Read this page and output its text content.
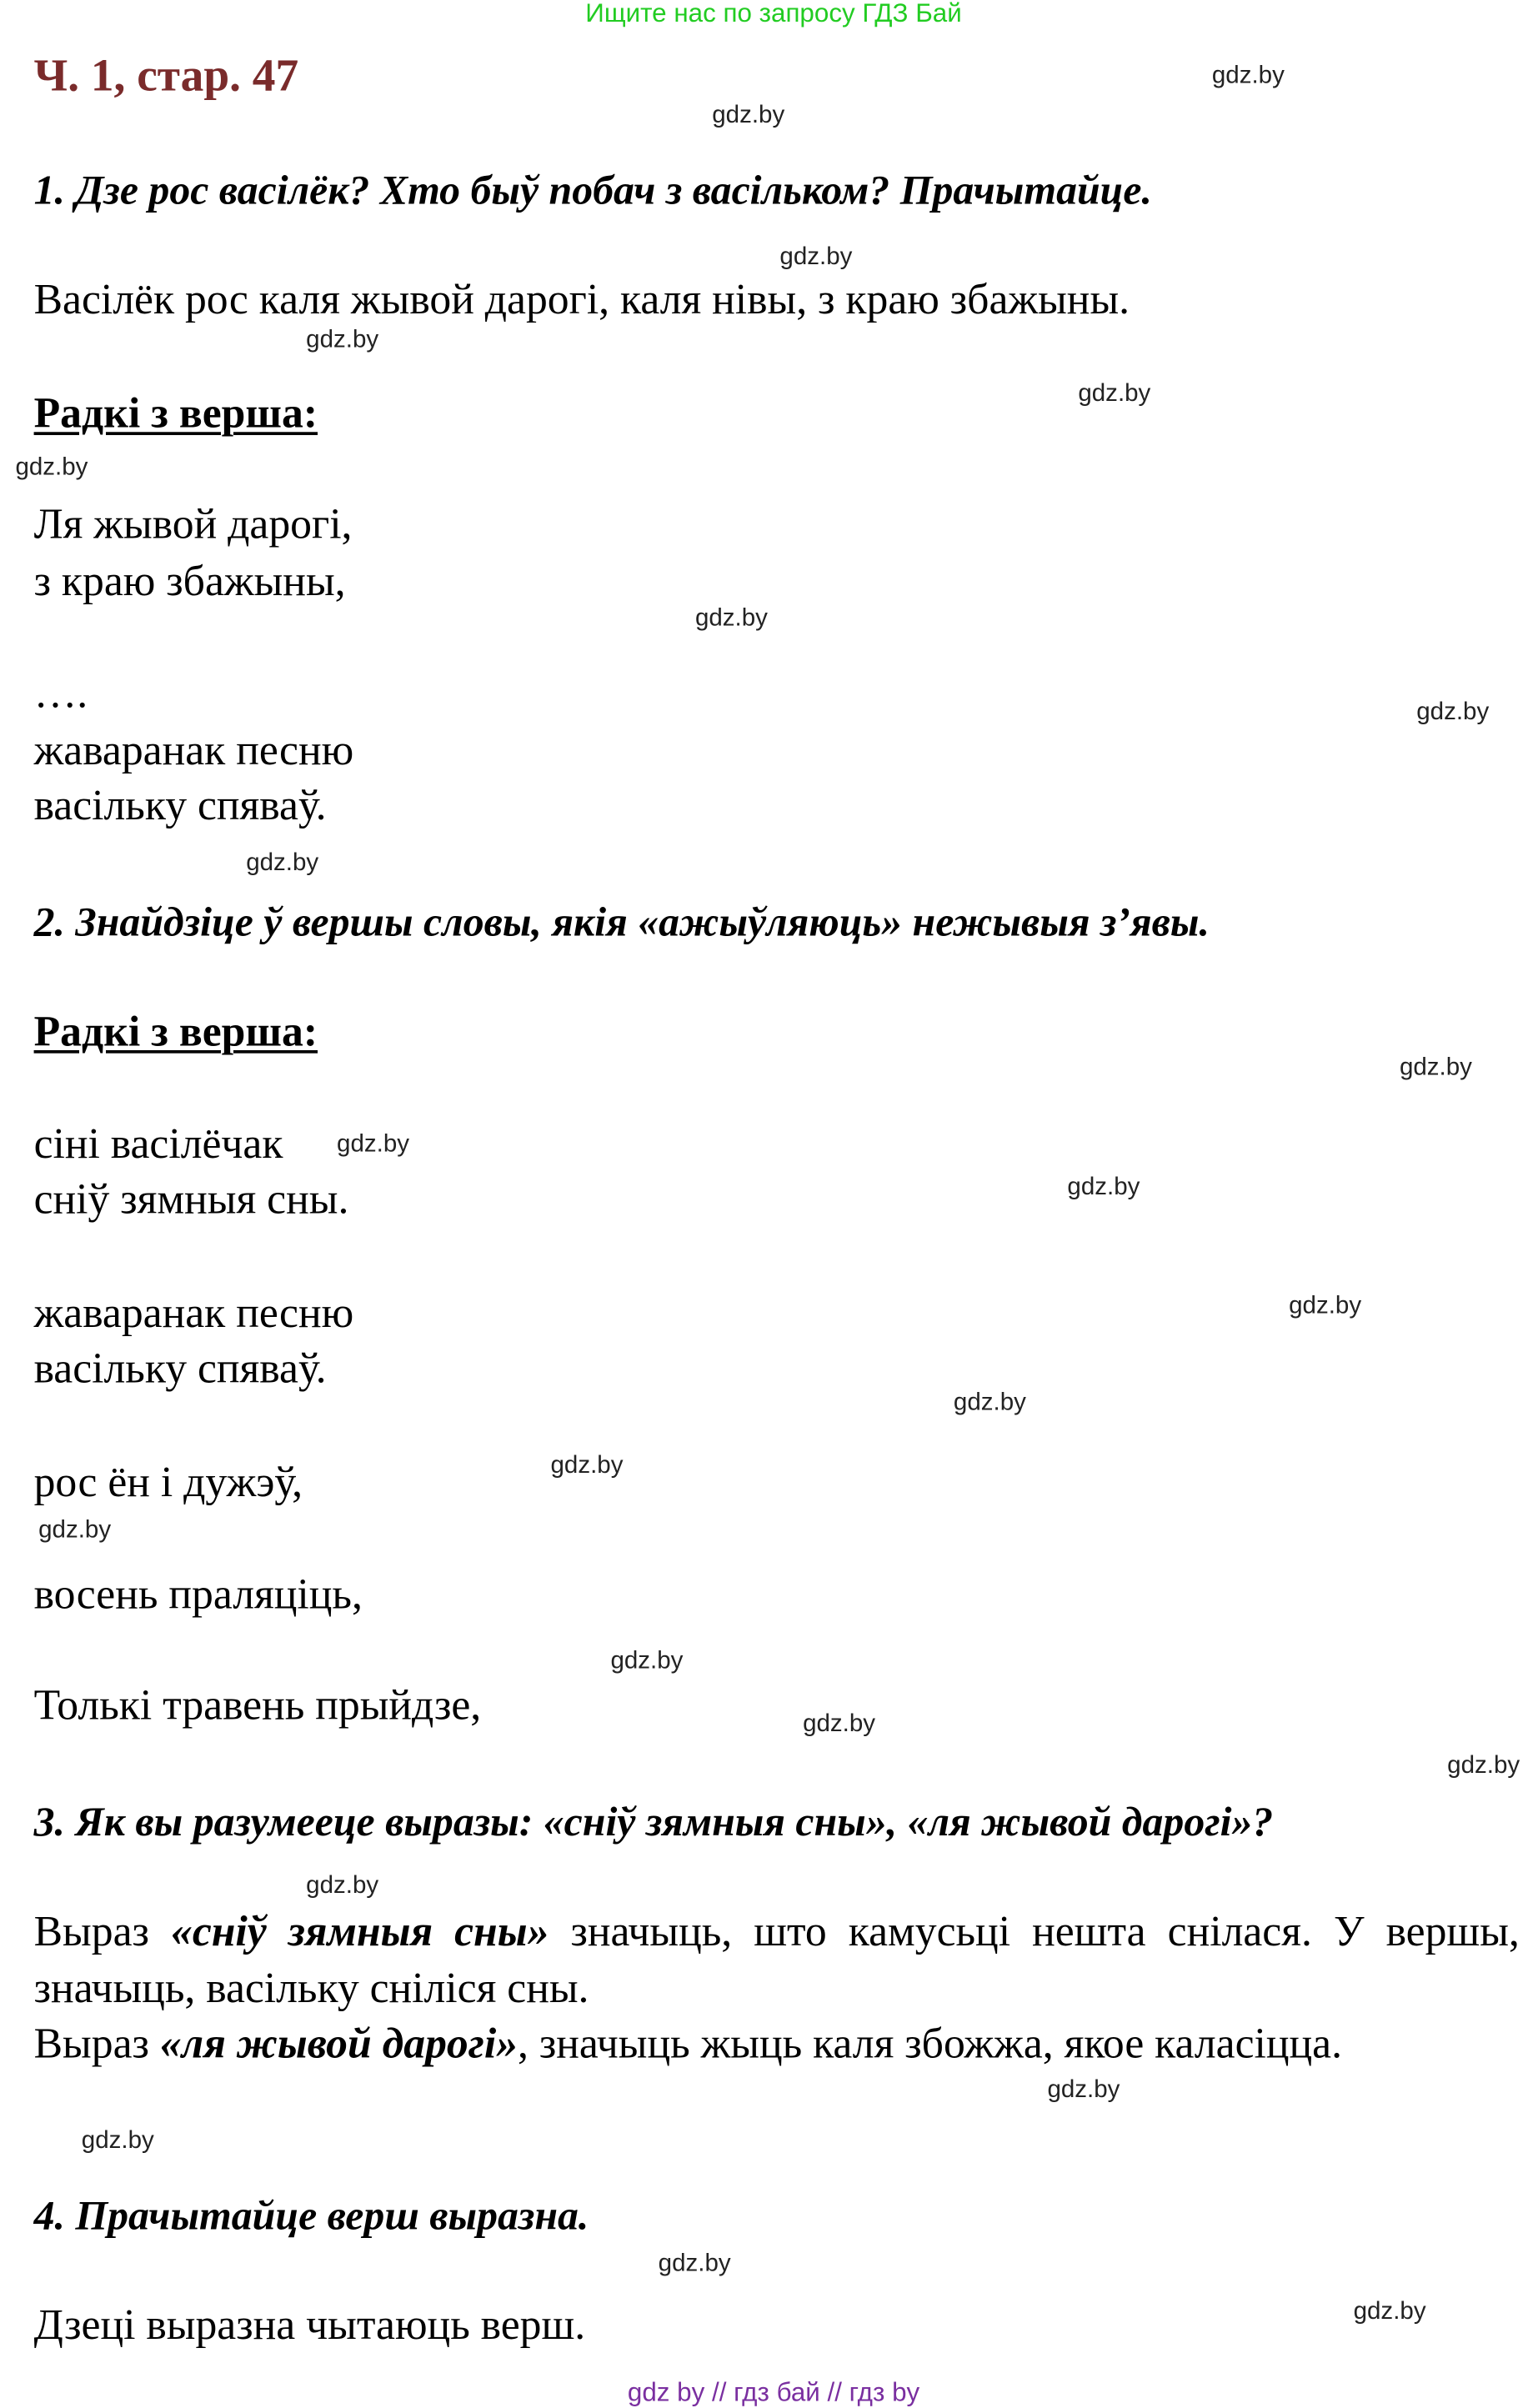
Ищите нас по запросу ГДЗ Бай
Ч. 1, стар. 47
1. Дзе рос васілёк? Хто быў побач з васільком? Прачытайце.
Васілёк рос каля жывой дарогі, каля нівы, з краю збажыны.
Радкі з верша:
Ля жывой дарогі,
з краю збажыны,
….
жаваранак песню
васільку спяваў.
2. Знайдзіце ў вершы словы, якія «ажыўляюць» нежывыя з’явы.
Радкі з верша:
сіні васілёчак
сніў зямныя сны.
жаваранак песню
васільку спяваў.
рос ён і дужэў,
восень праляціць,
Толькі травень прыйдзе,
3. Як вы разумееце выразы: «сніў зямныя сны», «ля жывой дарогі»?
Выраз «сніў зямныя сны» значыць, што камусьці нешта снілася. У вершы, значыць, васільку сніліся сны.
Выраз «ля жывой дарогі», значыць жыць каля збожжа, якое каласіцца.
4. Прачытайце верш выразна.
Дзеці выразна чытаюць верш.
gdz by // гдз бай // гдз by
gdz.by
gdz.by
gdz.by
gdz.by
gdz.by
gdz.by
gdz.by
gdz.by
gdz.by
gdz.by
gdz.by
gdz.by
gdz.by
gdz.by
gdz.by
gdz.by
gdz.by
gdz.by
gdz.by
gdz.by
gdz.by
gdz.by
gdz.by
gdz.by
